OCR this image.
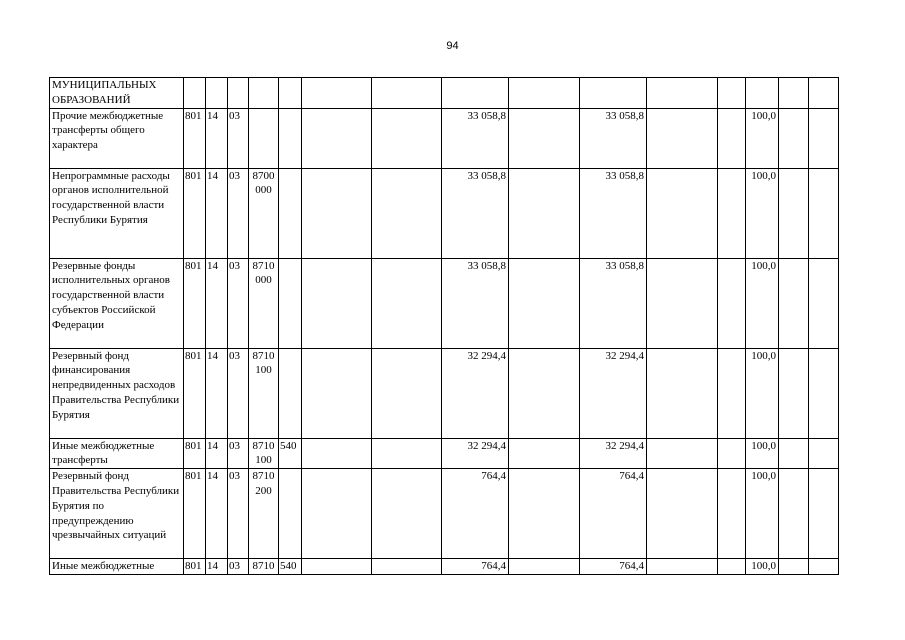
94
МУНИЦИПАЛЬНЫХ ОБРАЗОВАНИЙ															
Прочие межбюджетные трансферты общего характера	801	14	03					33 058,8		33 058,8			100,0		
Непрограммные расходы органов исполнительной государственной власти Республики Бурятия	801	14	03	8700 000				33 058,8		33 058,8			100,0		
Резервные фонды исполнительных органов государственной власти субъектов Российской Федерации	801	14	03	8710 000				33 058,8		33 058,8			100,0		
Резервный фонд финансирования непредвиденных расходов Правительства Республики Бурятия	801	14	03	8710 100				32 294,4		32 294,4			100,0		
Иные межбюджетные трансферты	801	14	03	8710 100	540			32 294,4		32 294,4			100,0		
Резервный фонд Правительства Республики Бурятия по предупреждению чрезвычайных ситуаций	801	14	03	8710 200				764,4		764,4			100,0		
Иные межбюджетные	801	14	03	8710	540			764,4		764,4			100,0		
